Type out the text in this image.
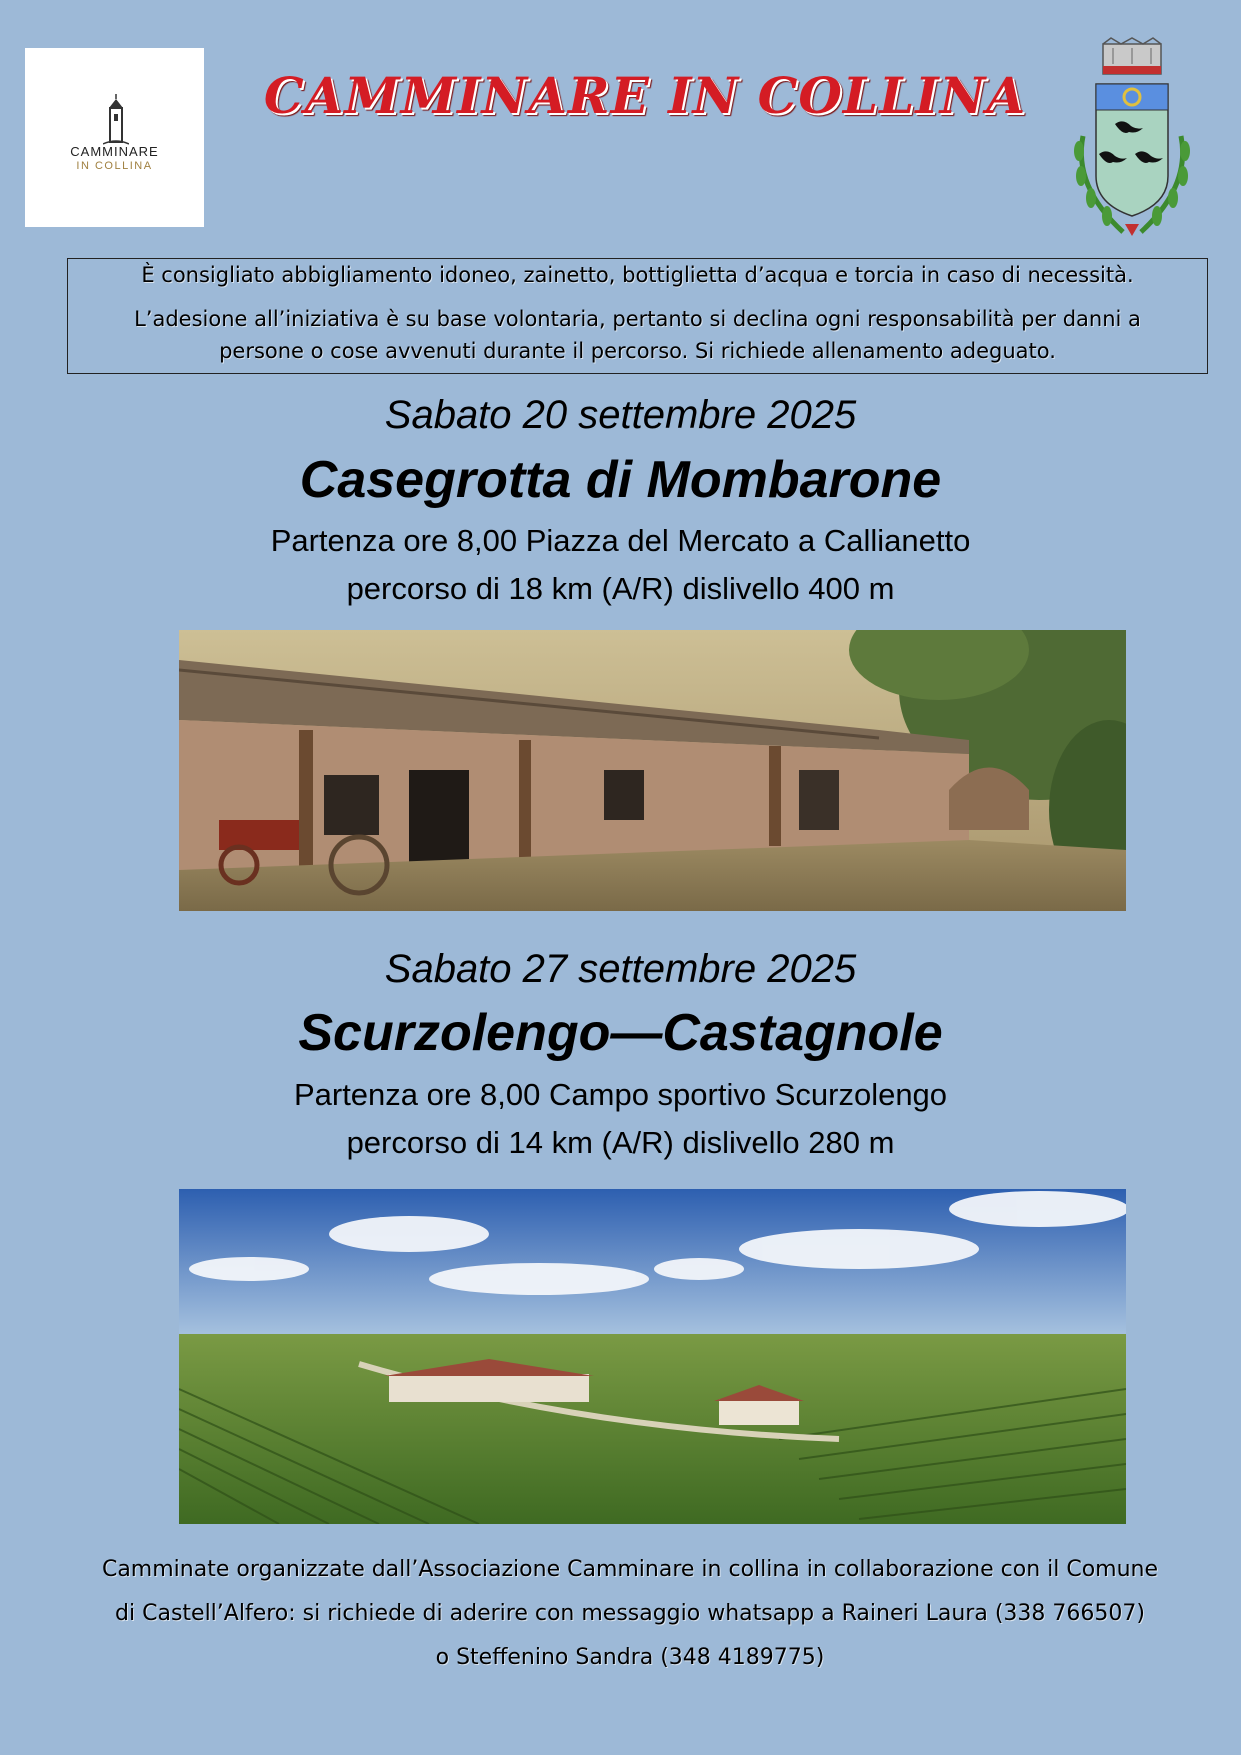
CAMMINARE
IN COLLINA
CAMMINARE IN COLLINA

È consigliato abbigliamento idoneo, zainetto, bottiglietta d’acqua e torcia in caso di necessità.

L’adesione all’iniziativa è su base volontaria, pertanto si declina ogni responsabilità per danni a

persone o cose avvenuti durante il percorso. Si richiede allenamento adeguato.

Sabato 20 settembre 2025
Casegrotta di Mombarone
Partenza ore 8,00 Piazza del Mercato a Callianetto
percorso di 18 km (A/R) dislivello 400 m
Sabato 27 settembre 2025
Scurzolengo—Castagnole
Partenza ore 8,00 Campo sportivo Scurzolengo
percorso di 14 km (A/R) dislivello 280 m

Camminate organizzate dall’Associazione Camminare in collina in collaborazione con il Comune

di Castell’Alfero: si richiede di aderire con messaggio whatsapp a Raineri Laura (338 766507)

o Steffenino Sandra (348 4189775)
